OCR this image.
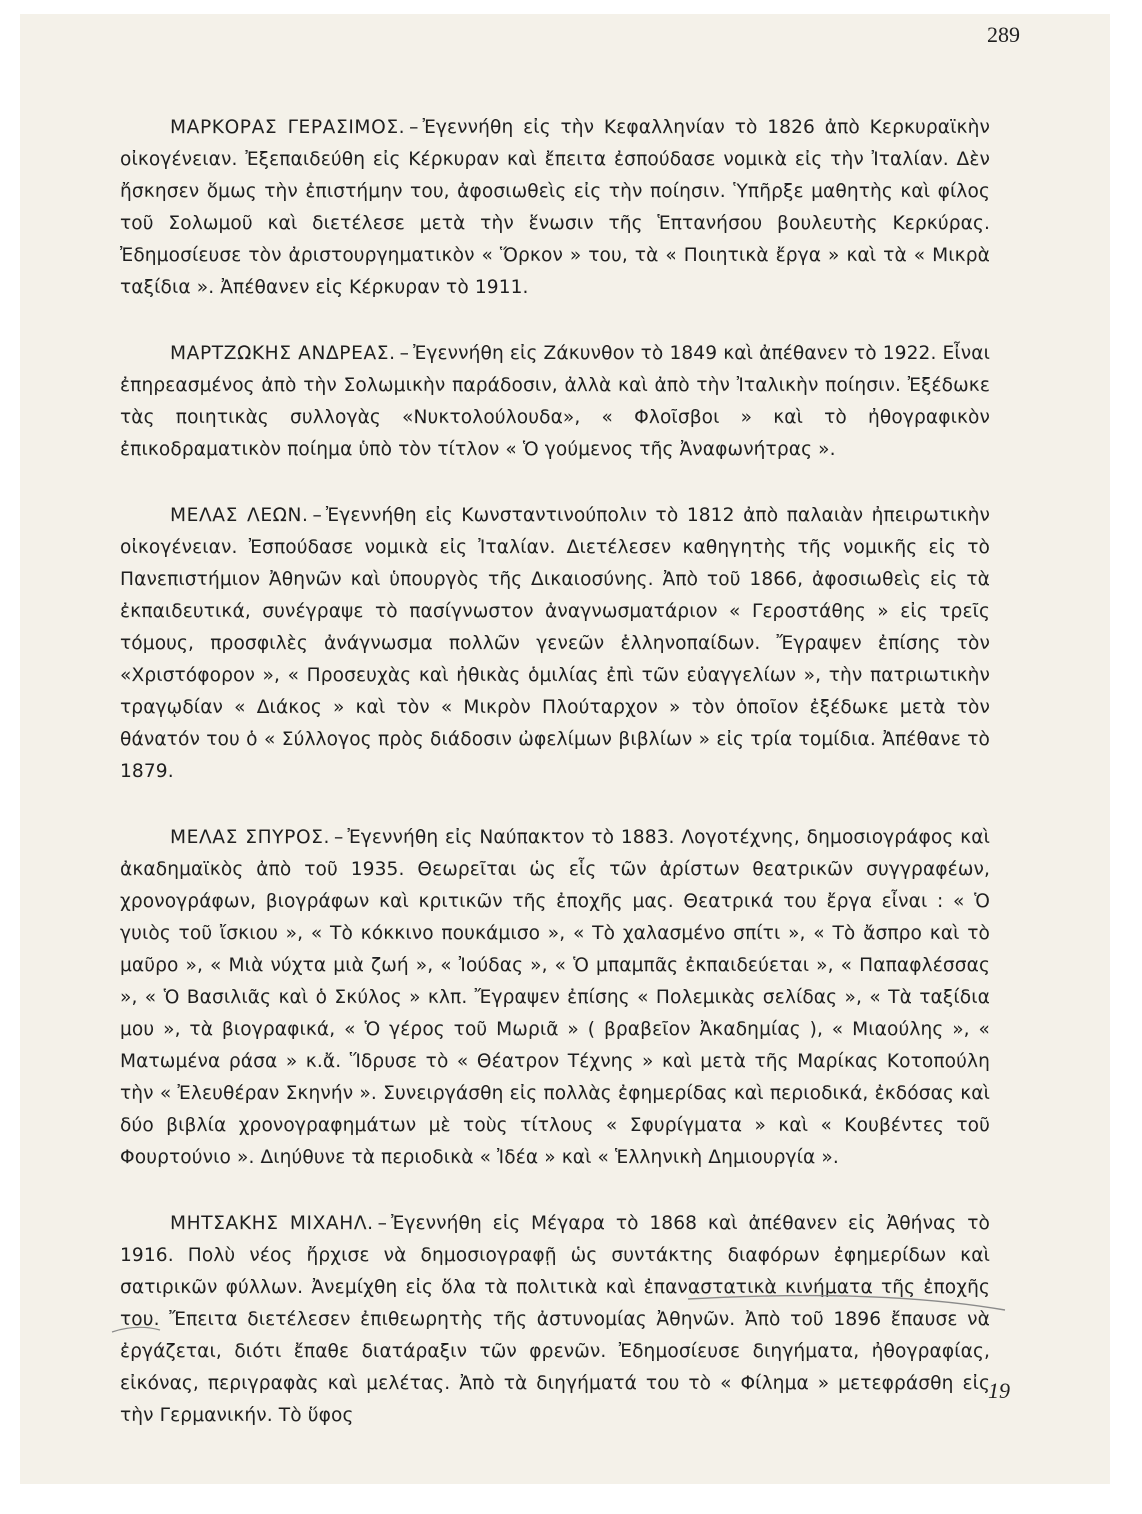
289

ΜΑΡΚΟΡΑΣ ΓΕΡΑΣΙΜΟΣ. – Ἐγεννήθη εἰς τὴν Κεφαλληνίαν τὸ 1826 ἀπὸ Κερκυραϊκὴν οἰκογένειαν. Ἐξεπαιδεύθη εἰς Κέρκυραν καὶ ἔπειτα ἐσπούδασε νομικὰ εἰς τὴν Ἰταλίαν. Δὲν ἤσκησεν ὅμως τὴν ἐπιστήμην του, ἀφοσιωθεὶς εἰς τὴν ποίησιν. Ὑπῆρξε μαθητὴς καὶ φίλος τοῦ Σολωμοῦ καὶ διετέλεσε μετὰ τὴν ἕνωσιν τῆς Ἑπτανήσου βουλευτὴς Κερκύρας. Ἐδημοσίευσε τὸν ἀριστουργηματικὸν « Ὅρκον » του, τὰ « Ποιητικὰ ἔργα » καὶ τὰ « Μικρὰ ταξίδια ». Ἀπέθανεν εἰς Κέρκυραν τὸ 1911.

ΜΑΡΤΖΩΚΗΣ ΑΝΔΡΕΑΣ. – Ἐγεννήθη εἰς Ζάκυνθον τὸ 1849 καὶ ἀπέθανεν τὸ 1922. Εἶναι ἐπηρεασμένος ἀπὸ τὴν Σολωμικὴν παράδοσιν, ἀλλὰ καὶ ἀπὸ τὴν Ἰταλικὴν ποίησιν. Ἐξέδωκε τὰς ποιητικὰς συλλογὰς «Νυκτολούλουδα», « Φλοῖσβοι » καὶ τὸ ἠθογραφικὸν ἐπικοδραματικὸν ποίημα ὑπὸ τὸν τίτλον « Ὁ γούμενος τῆς Ἀναφωνήτρας ».

ΜΕΛΑΣ ΛΕΩΝ. – Ἐγεννήθη εἰς Κωνσταντινούπολιν τὸ 1812 ἀπὸ παλαιὰν ἠπειρωτικὴν οἰκογένειαν. Ἐσπούδασε νομικὰ εἰς Ἰταλίαν. Διετέλεσεν καθηγητὴς τῆς νομικῆς εἰς τὸ Πανεπιστήμιον Ἀθηνῶν καὶ ὑπουργὸς τῆς Δικαιοσύνης. Ἀπὸ τοῦ 1866, ἀφοσιωθεὶς εἰς τὰ ἐκπαιδευτικά, συνέγραψε τὸ πασίγνωστον ἀναγνωσματάριον « Γεροστάθης » εἰς τρεῖς τόμους, προσφιλὲς ἀνάγνωσμα πολλῶν γενεῶν ἑλληνοπαίδων. Ἔγραψεν ἐπίσης τὸν «Χριστόφορον », « Προσευχὰς καὶ ἠθικὰς ὁμιλίας ἐπὶ τῶν εὐαγγελίων », τὴν πατριωτικὴν τραγῳδίαν « Διάκος » καὶ τὸν « Μικρὸν Πλούταρχον » τὸν ὁποῖον ἐξέδωκε μετὰ τὸν θάνατόν του ὁ « Σύλλογος πρὸς διάδοσιν ὠφελίμων βιβλίων » εἰς τρία τομίδια. Ἀπέθανε τὸ 1879.

ΜΕΛΑΣ ΣΠΥΡΟΣ. – Ἐγεννήθη εἰς Ναύπακτον τὸ 1883. Λογοτέχνης, δημοσιογράφος καὶ ἀκαδημαϊκὸς ἀπὸ τοῦ 1935. Θεωρεῖται ὡς εἷς τῶν ἀρίστων θεατρικῶν συγγραφέων, χρονογράφων, βιογράφων καὶ κριτικῶν τῆς ἐποχῆς μας. Θεατρικά του ἔργα εἶναι : « Ὁ γυιὸς τοῦ ἴσκιου », « Τὸ κόκκινο πουκάμισο », « Τὸ χαλασμένο σπίτι », « Τὸ ἄσπρο καὶ τὸ μαῦρο », « Μιὰ νύχτα μιὰ ζωή », « Ἰούδας », « Ὁ μπαμπᾶς ἐκπαιδεύεται », « Παπαφλέσσας », « Ὁ Βασιλιᾶς καὶ ὁ Σκύλος » κλπ. Ἔγραψεν ἐπίσης « Πολεμικὰς σελίδας », « Τὰ ταξίδια μου », τὰ βιογραφικά, « Ὁ γέρος τοῦ Μωριᾶ » ( βραβεῖον Ἀκαδημίας ), « Μιαούλης », « Ματωμένα ράσα » κ.ἄ. Ἵδρυσε τὸ « Θέατρον Τέχνης » καὶ μετὰ τῆς Μαρίκας Κοτοπούλη τὴν « Ἐλευθέραν Σκηνήν ». Συνειργάσθη εἰς πολλὰς ἐφημερίδας καὶ περιοδικά, ἐκδόσας καὶ δύο βιβλία χρονογραφημάτων μὲ τοὺς τίτλους « Σφυρίγματα » καὶ « Κουβέντες τοῦ Φουρτούνιο ». Διηύθυνε τὰ περιοδικὰ « Ἰδέα » καὶ « Ἑλληνικὴ Δημιουργία ».

ΜΗΤΣΑΚΗΣ ΜΙΧΑΗΛ. – Ἐγεννήθη εἰς Μέγαρα τὸ 1868 καὶ ἀπέθανεν εἰς Ἀθήνας τὸ 1916. Πολὺ νέος ἤρχισε νὰ δημοσιογραφῇ ὡς συντάκτης διαφόρων ἐφημερίδων καὶ σατιρικῶν φύλλων. Ἀνεμίχθη εἰς ὅλα τὰ πολιτικὰ καὶ ἐπαναστατικὰ κινήματα τῆς ἐποχῆς του. Ἔπειτα διετέλεσεν ἐπιθεωρητὴς τῆς ἀστυνομίας Ἀθηνῶν. Ἀπὸ τοῦ 1896 ἔπαυσε νὰ ἐργάζεται, διότι ἔπαθε διατάραξιν τῶν φρενῶν. Ἐδημοσίευσε διηγήματα, ἠθογραφίας, εἰκόνας, περιγραφὰς καὶ μελέτας. Ἀπὸ τὰ διηγήματά του τὸ « Φίλημα » μετεφράσθη εἰς τὴν Γερμανικήν. Τὸ ὕφος

19
